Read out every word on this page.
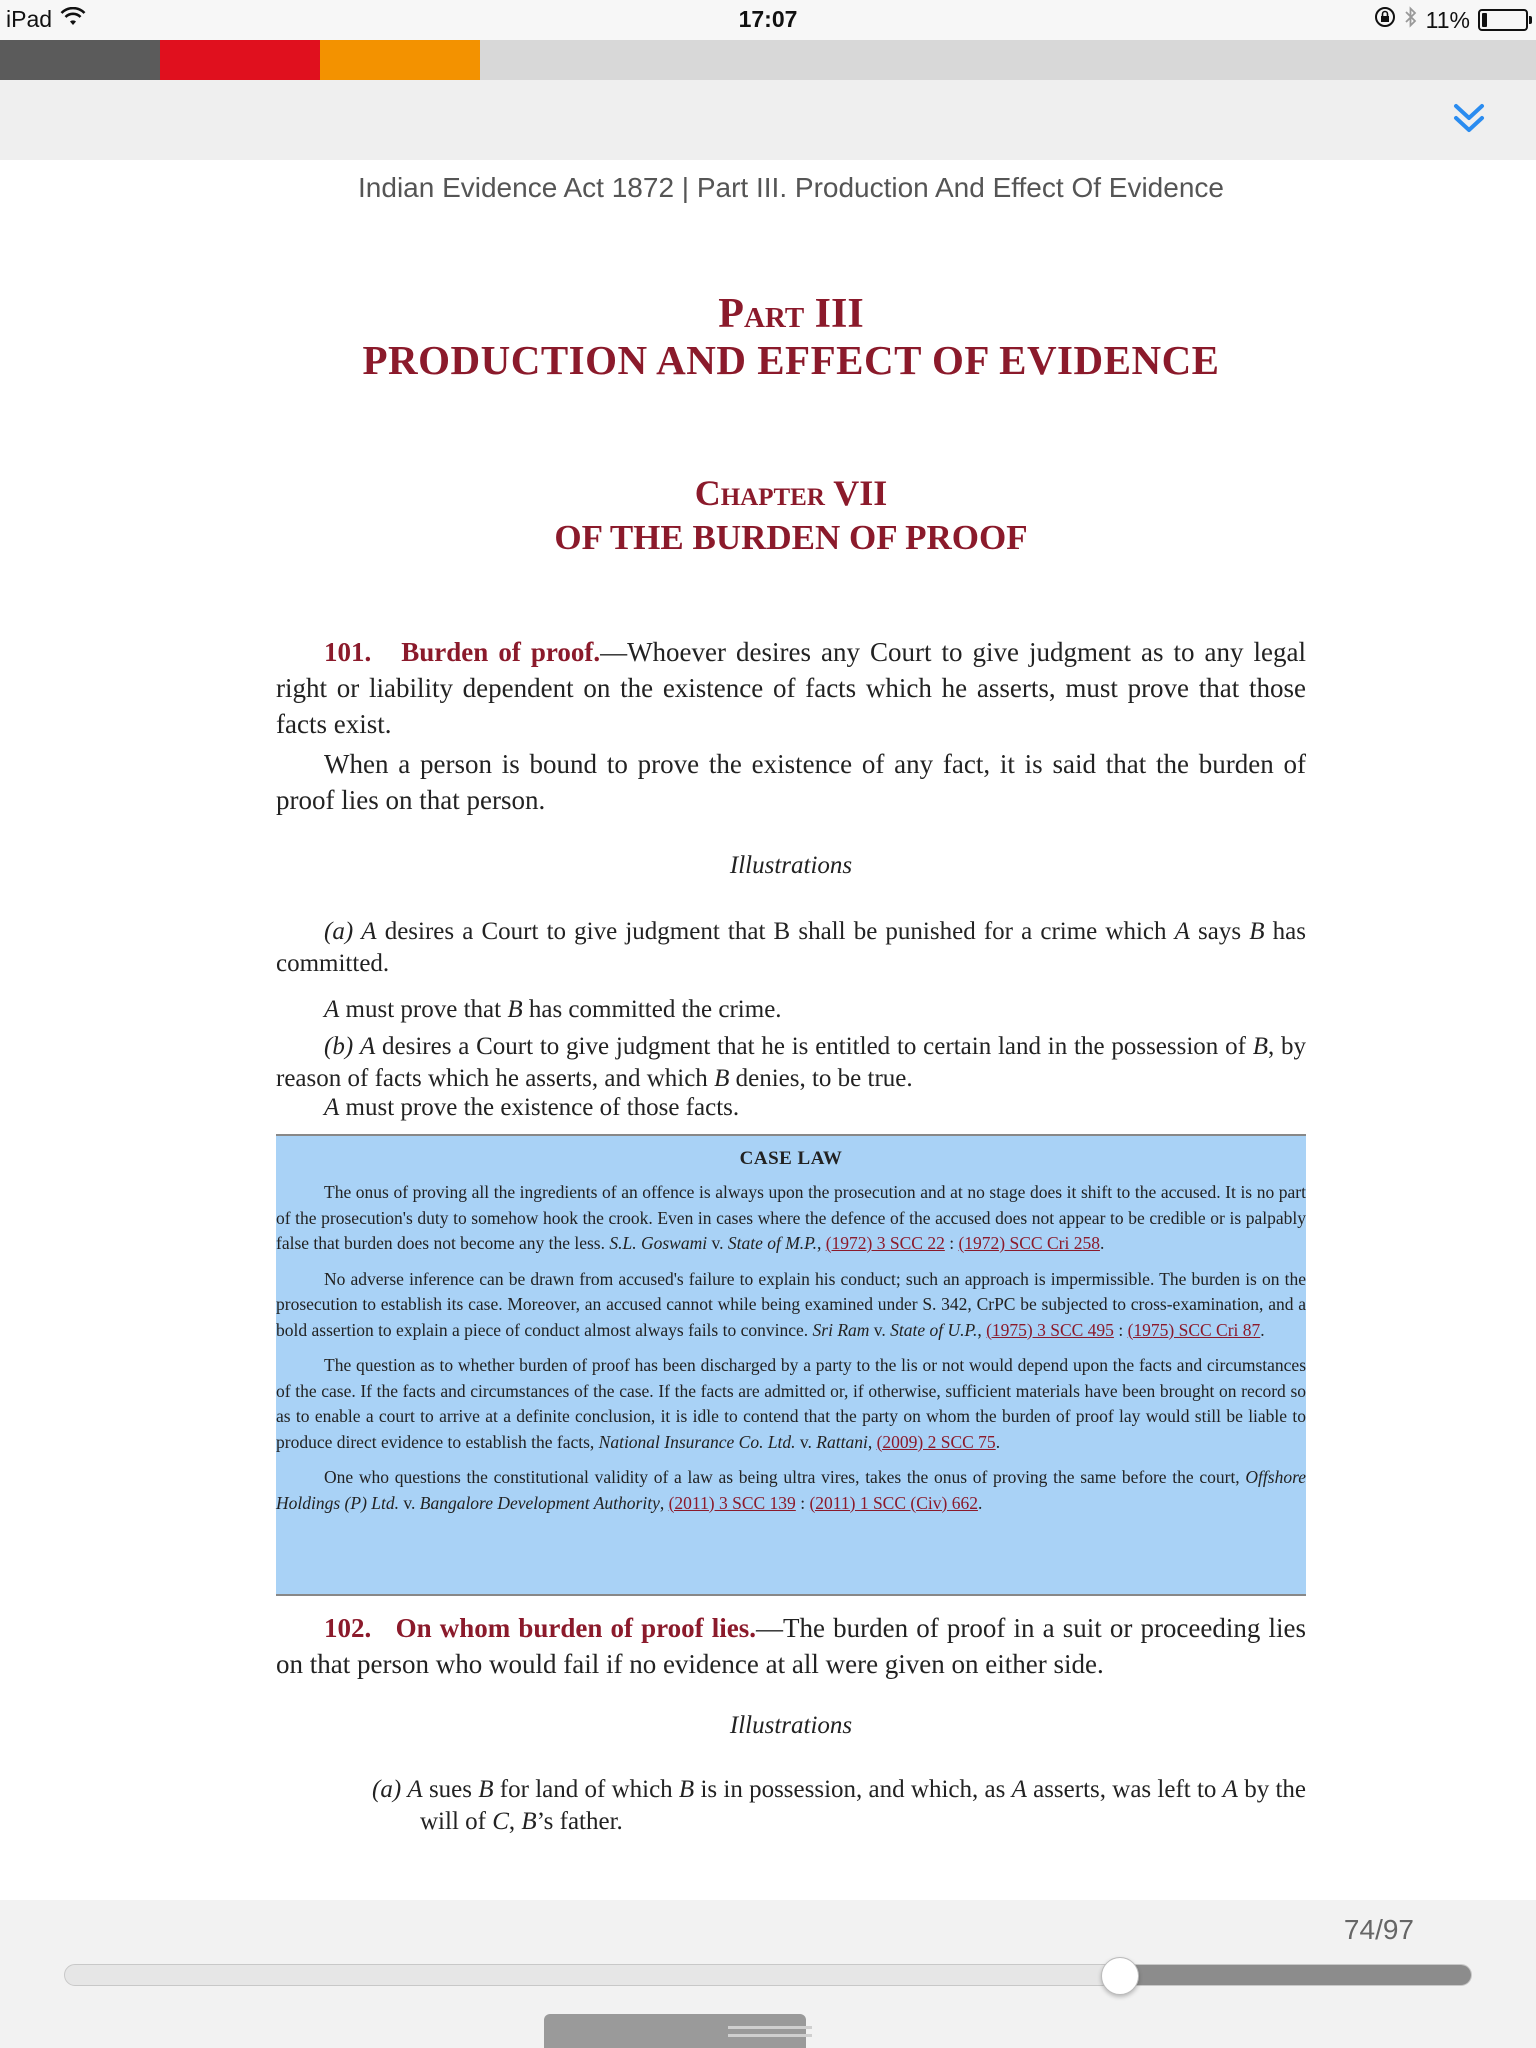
iPad	17:07	11%
Indian Evidence Act 1872 | Part III. Production And Effect Of Evidence
Part III
PRODUCTION AND EFFECT OF EVIDENCE
Chapter VII
OF THE BURDEN OF PROOF
101. Burden of proof.—Whoever desires any Court to give judgment as to any legal right or liability dependent on the existence of facts which he asserts, must prove that those facts exist.
When a person is bound to prove the existence of any fact, it is said that the burden of proof lies on that person.
Illustrations
(a) A desires a Court to give judgment that B shall be punished for a crime which A says B has committed.
A must prove that B has committed the crime.
(b) A desires a Court to give judgment that he is entitled to certain land in the possession of B, by reason of facts which he asserts, and which B denies, to be true.
A must prove the existence of those facts.
CASE LAW

The onus of proving all the ingredients of an offence is always upon the prosecution and at no stage does it shift to the accused. It is no part of the prosecution's duty to somehow hook the crook. Even in cases where the defence of the accused does not appear to be credible or is palpably false that burden does not become any the less. S.L. Goswami v. State of M.P., (1972) 3 SCC 22 : (1972) SCC Cri 258.

No adverse inference can be drawn from accused's failure to explain his conduct; such an approach is impermissible. The burden is on the prosecution to establish its case. Moreover, an accused cannot while being examined under S. 342, CrPC be subjected to cross-examination, and a bold assertion to explain a piece of conduct almost always fails to convince. Sri Ram v. State of U.P., (1975) 3 SCC 495 : (1975) SCC Cri 87.

The question as to whether burden of proof has been discharged by a party to the lis or not would depend upon the facts and circumstances of the case. If the facts and circumstances of the case. If the facts are admitted or, if otherwise, sufficient materials have been brought on record so as to enable a court to arrive at a definite conclusion, it is idle to contend that the party on whom the burden of proof lay would still be liable to produce direct evidence to establish the facts, National Insurance Co. Ltd. v. Rattani, (2009) 2 SCC 75.

One who questions the constitutional validity of a law as being ultra vires, takes the onus of proving the same before the court, Offshore Holdings (P) Ltd. v. Bangalore Development Authority, (2011) 3 SCC 139 : (2011) 1 SCC (Civ) 662.

102. On whom burden of proof lies.—The burden of proof in a suit or proceeding lies on that person who would fail if no evidence at all were given on either side.
Illustrations
(a) A sues B for land of which B is in possession, and which, as A asserts, was left to A by the will of C, B’s father.
74/97
